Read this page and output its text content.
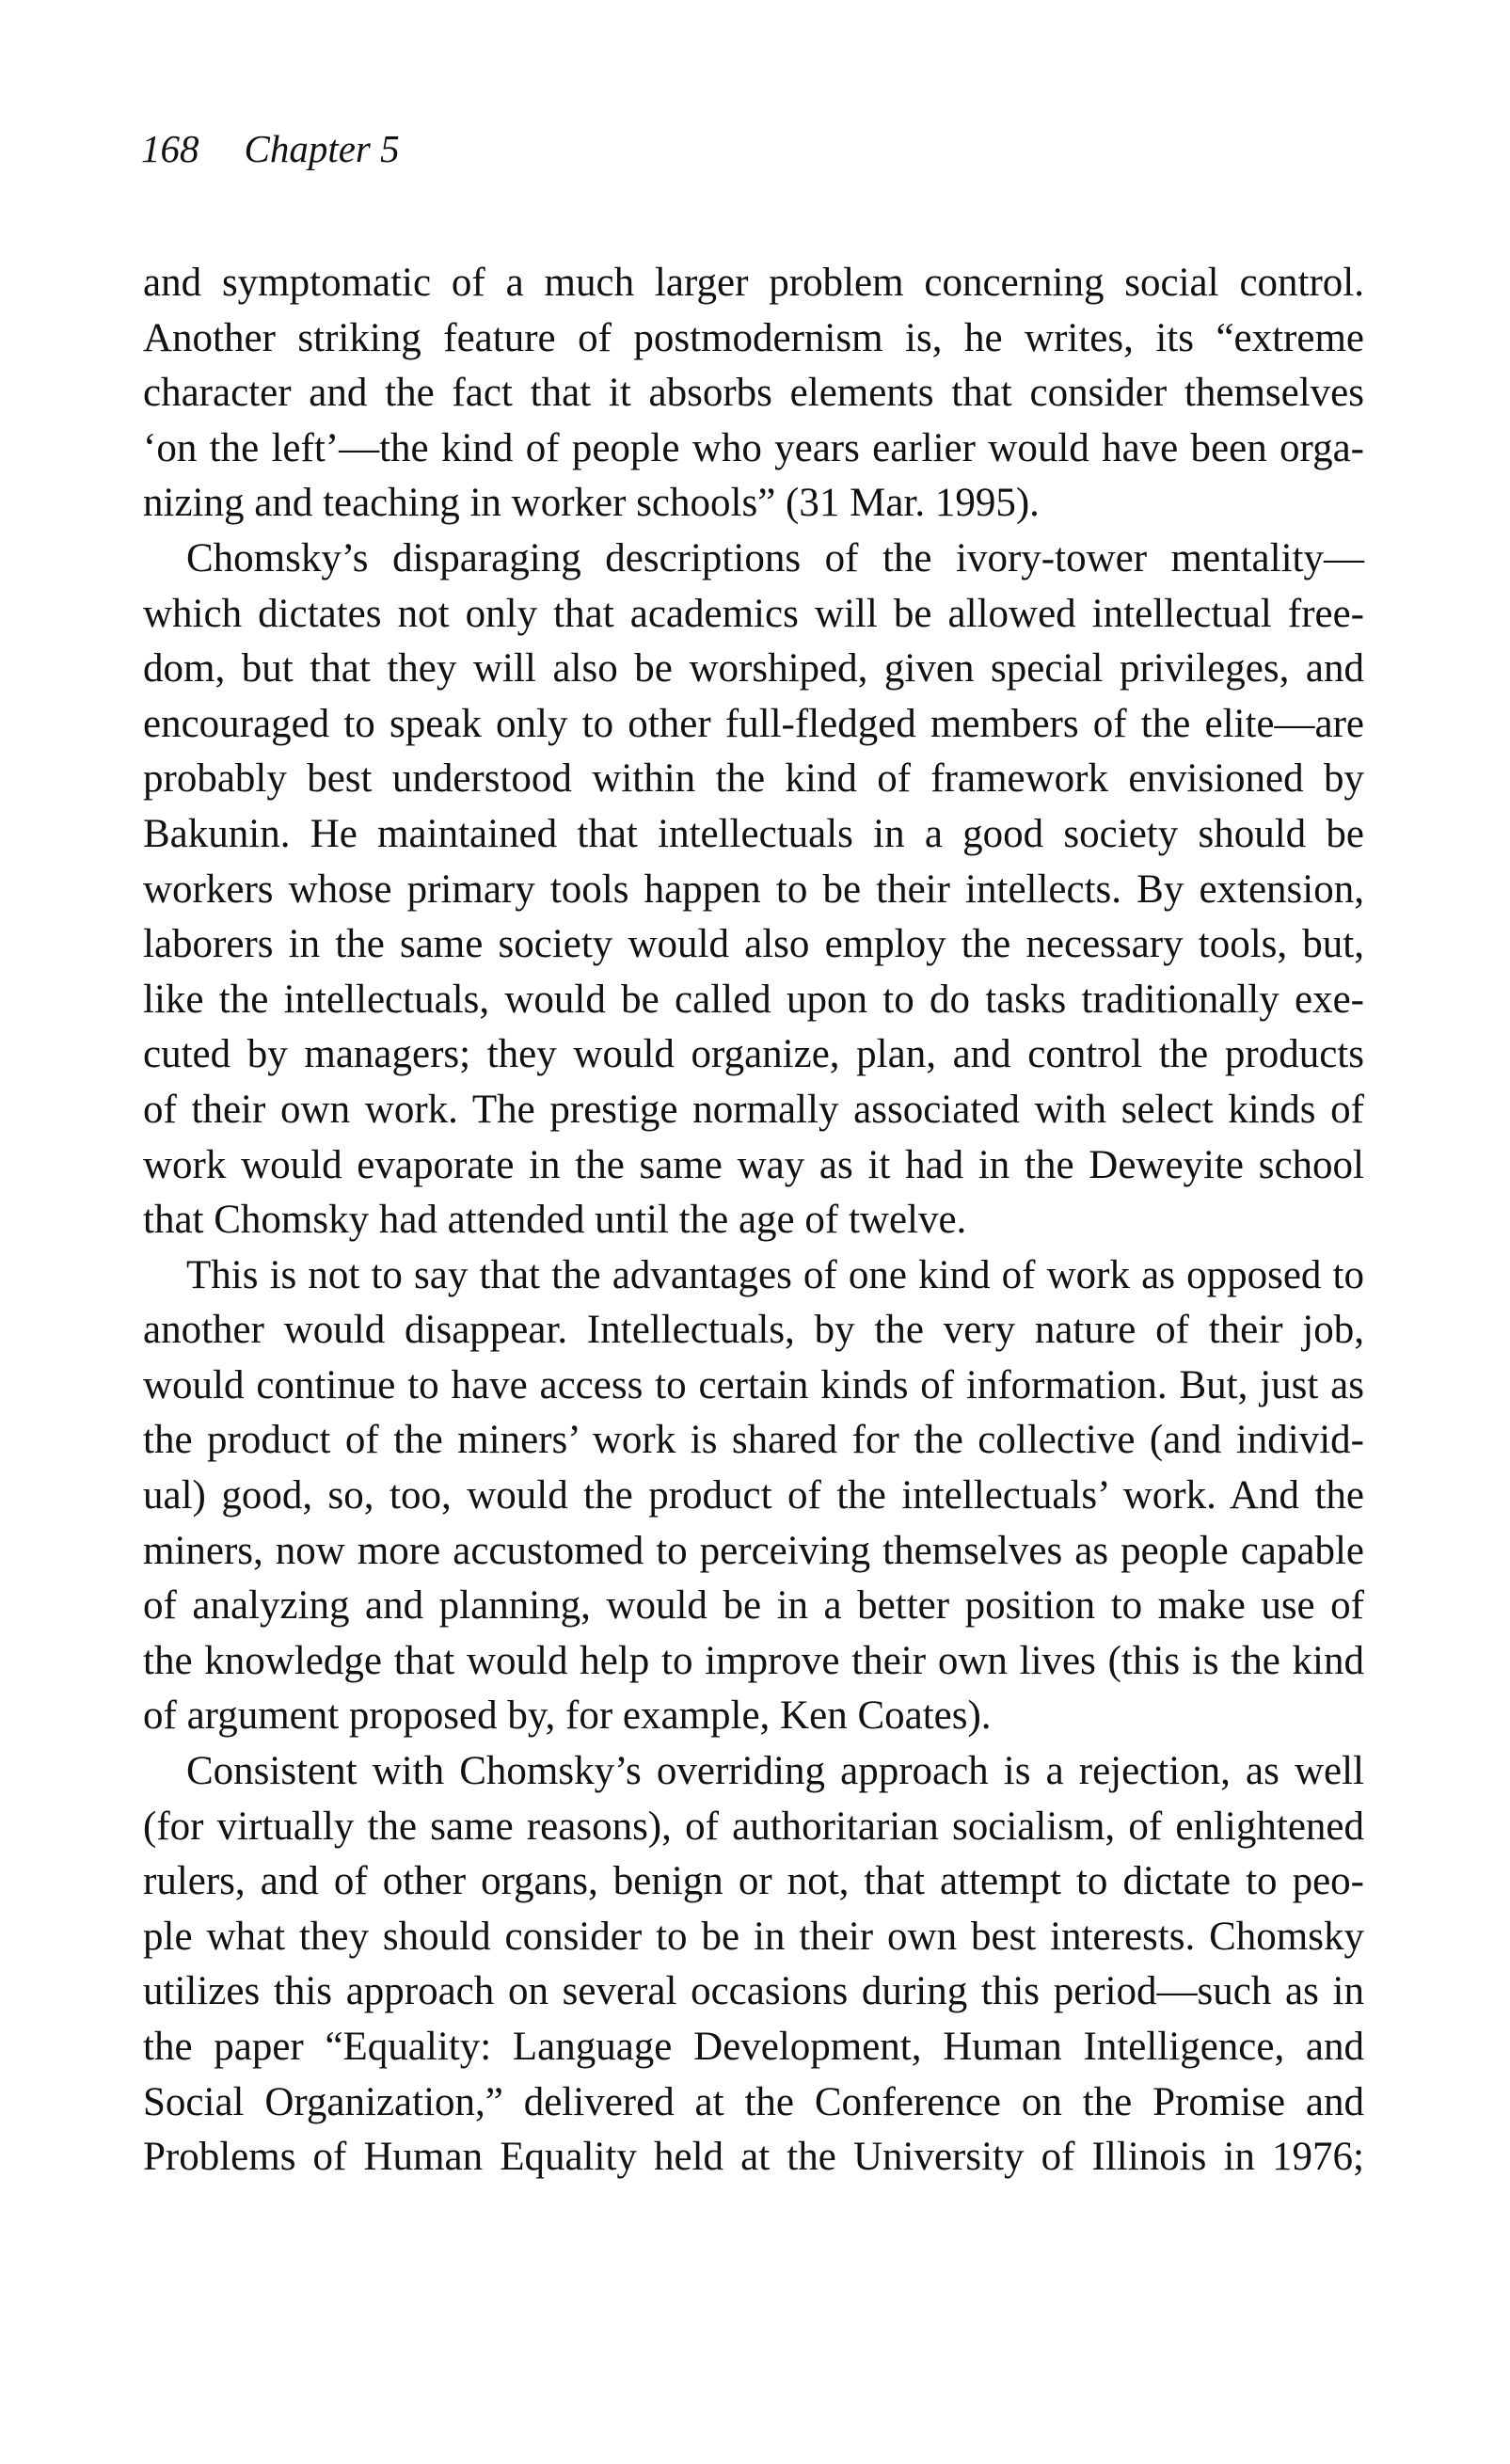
168 Chapter 5
and symptomatic of a much larger problem concerning social control.
Another striking feature of postmodernism is, he writes, its “extreme
character and the fact that it absorbs elements that consider themselves
‘on the left’—the kind of people who years earlier would have been orga-
nizing and teaching in worker schools” (31 Mar. 1995).
Chomsky’s disparaging descriptions of the ivory-tower mentality—
which dictates not only that academics will be allowed intellectual free-
dom, but that they will also be worshiped, given special privileges, and
encouraged to speak only to other full-fledged members of the elite—are
probably best understood within the kind of framework envisioned by
Bakunin. He maintained that intellectuals in a good society should be
workers whose primary tools happen to be their intellects. By extension,
laborers in the same society would also employ the necessary tools, but,
like the intellectuals, would be called upon to do tasks traditionally exe-
cuted by managers; they would organize, plan, and control the products
of their own work. The prestige normally associated with select kinds of
work would evaporate in the same way as it had in the Deweyite school
that Chomsky had attended until the age of twelve.
This is not to say that the advantages of one kind of work as opposed to
another would disappear. Intellectuals, by the very nature of their job,
would continue to have access to certain kinds of information. But, just as
the product of the miners’ work is shared for the collective (and individ-
ual) good, so, too, would the product of the intellectuals’ work. And the
miners, now more accustomed to perceiving themselves as people capable
of analyzing and planning, would be in a better position to make use of
the knowledge that would help to improve their own lives (this is the kind
of argument proposed by, for example, Ken Coates).
Consistent with Chomsky’s overriding approach is a rejection, as well
(for virtually the same reasons), of authoritarian socialism, of enlightened
rulers, and of other organs, benign or not, that attempt to dictate to peo-
ple what they should consider to be in their own best interests. Chomsky
utilizes this approach on several occasions during this period—such as in
the paper “Equality: Language Development, Human Intelligence, and
Social Organization,” delivered at the Conference on the Promise and
Problems of Human Equality held at the University of Illinois in 1976;
